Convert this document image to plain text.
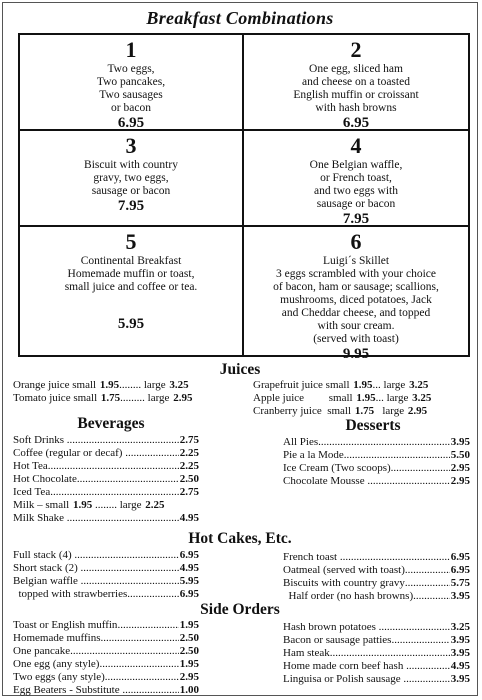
Breakfast Combinations
1
Two eggs,
Two pancakes,
Two sausages
or bacon
6.95
2
One egg, sliced ham
and cheese on a toasted
English muffin or croissant
with hash browns
6.95
3
Biscuit with country
gravy, two eggs,
sausage or bacon
7.95
4
One Belgian waffle,
or French toast,
and two eggs with
sausage or bacon
7.95
5
Continental Breakfast
Homemade muffin or toast,
small juice and coffee or tea.
5.95
6
Luigi´s Skillet
3 eggs scrambled with your choice
of bacon, ham or sausage; scallions,
mushrooms, diced potatoes, Jack
and Cheddar cheese, and topped
with sour cream.
(served with toast)
9.95
Juices
Orange juice small 1.95 ........ large 3.25
Tomato juice small 1.75 ......... large 2.95
Grapefruit juice small 1.95 ... large 3.25
Apple juice         small 1.95 ... large 3.25
Cranberry juice  small 1.75 large 2.95
Beverages
Soft Drinks .....	2.75
Coffee (regular or decaf) .....	2.25
Hot Tea .....	2.25
Hot Chocolate .....	2.50
Iced Tea .....	2.75
Milk – small 1.95 ........ large 2.25
Milk Shake .....	4.95
Desserts
All Pies .....	3.95
Pie a la Mode .....	5.50
Ice Cream (Two scoops) .....	2.95
Chocolate Mousse .....	2.95
Hot Cakes, Etc.
Full stack (4) .....	6.95
Short stack (2) .....	4.95
Belgian waffle .....	5.95
topped with strawberries .....	6.95
French toast .....	6.95
Oatmeal (served with toast) .....	6.95
Biscuits with country gravy .....	5.75
Half order (no hash browns) .....	3.95
Side Orders
Toast or English muffin .....	1.95
Homemade muffins .....	2.50
One pancake .....	2.50
One egg (any style) .....	1.95
Two eggs (any style) .....	2.95
Egg Beaters - Substitute .....	1.00
Hash brown potatoes .....	3.25
Bacon or sausage patties .....	3.95
Ham steak .....	3.95
Home made corn beef hash .....	4.95
Linguisa or Polish sausage .....	3.95
